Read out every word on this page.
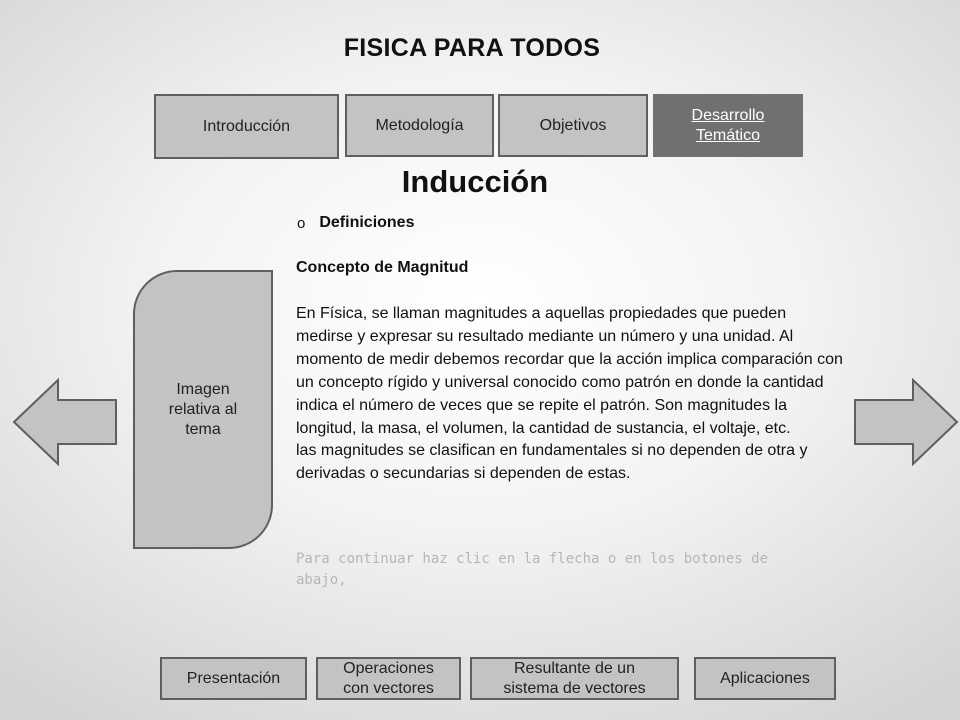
FISICA PARA TODOS
Introducción	Metodología	Objetivos
Desarrollo Temático
Inducción
o Definiciones
Concepto de Magnitud

En Física, se llaman magnitudes a aquellas propiedades que pueden medirse y expresar su resultado mediante un número y una unidad. Al momento de medir debemos recordar que la acción implica comparación con un concepto rígido y universal conocido como patrón en donde la cantidad indica el número de veces que se repite el patrón. Son magnitudes la longitud, la masa, el volumen, la cantidad de sustancia, el voltaje, etc.

las magnitudes se clasifican en fundamentales si no dependen de otra y derivadas o secundarias si dependen de estas.

Para continuar haz clic en la flecha o en los botones de abajo,
Imagen relativa al tema
Presentación
Operaciones con vectores
Resultante de un sistema de vectores
Aplicaciones
